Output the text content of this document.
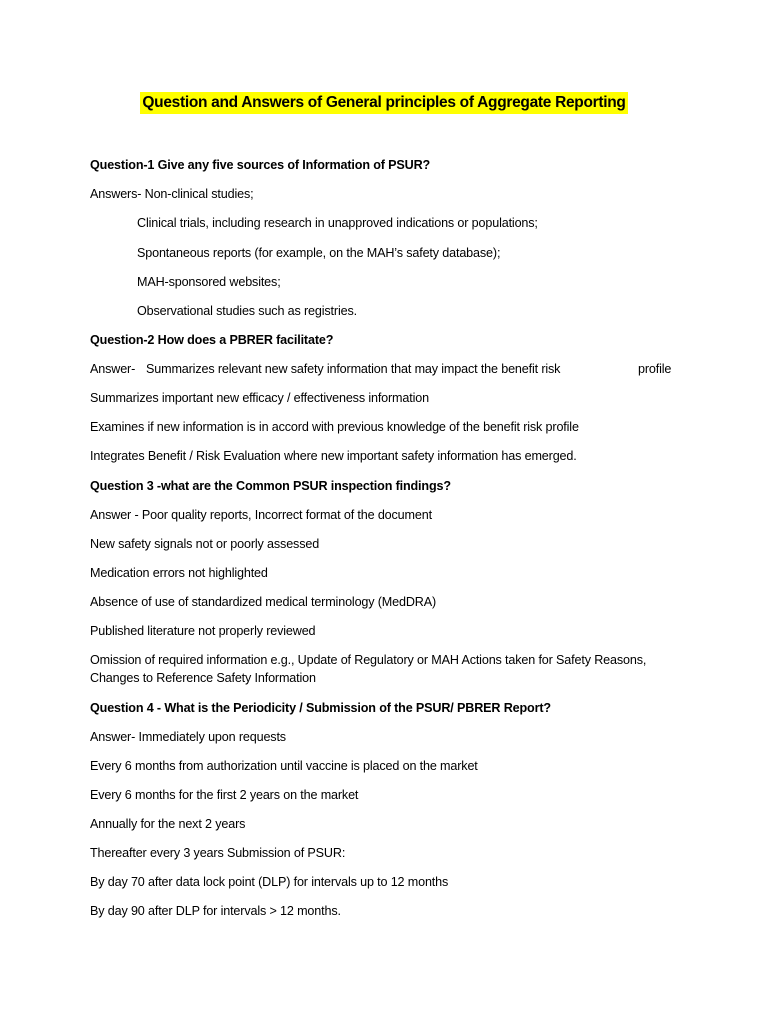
Question and Answers of General principles of Aggregate Reporting
Question-1 Give any five sources of Information of PSUR?
Answers- Non-clinical studies;
Clinical trials, including research in unapproved indications or populations;
Spontaneous reports (for example, on the MAH’s safety database);
MAH-sponsored websites;
Observational studies such as registries.
Question-2 How does a PBRER facilitate?
Answer- Summarizes relevant new safety information that may impact the benefit risk	profile
Summarizes important new efficacy / effectiveness information
Examines if new information is in accord with previous knowledge of the benefit risk profile
Integrates Benefit / Risk Evaluation where new important safety information has emerged.
Question 3 -what are the Common PSUR inspection findings?
Answer - Poor quality reports, Incorrect format of the document
New safety signals not or poorly assessed
Medication errors not highlighted
Absence of use of standardized medical terminology (MedDRA)
Published literature not properly reviewed
Omission of required information e.g., Update of Regulatory or MAH Actions taken for Safety Reasons,
Changes to Reference Safety Information
Question 4 - What is the Periodicity / Submission of the PSUR/ PBRER Report?
Answer- Immediately upon requests
Every 6 months from authorization until vaccine is placed on the market
Every 6 months for the first 2 years on the market
Annually for the next 2 years
Thereafter every 3 years Submission of PSUR:
By day 70 after data lock point (DLP) for intervals up to 12 months
By day 90 after DLP for intervals > 12 months.
